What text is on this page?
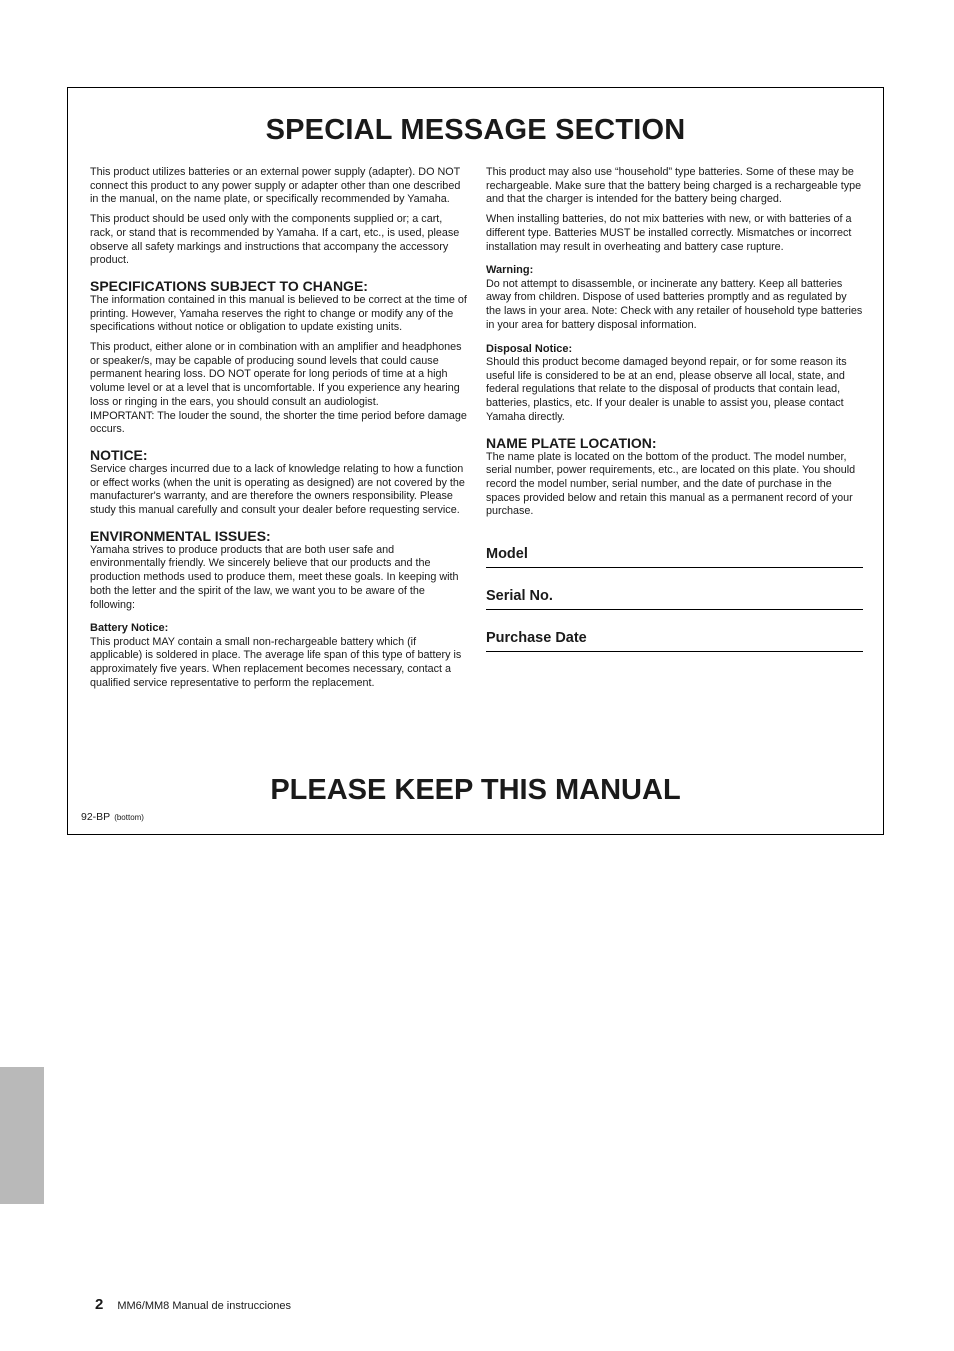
SPECIAL MESSAGE SECTION

This product utilizes batteries or an external power supply (adapter). DO NOT connect this product to any power supply or adapter other than one described in the manual, on the name plate, or specifically recommended by Yamaha.

This product should be used only with the components supplied or; a cart, rack, or stand that is recommended by Yamaha. If a cart, etc., is used, please observe all safety markings and instructions that accompany the accessory product.

SPECIFICATIONS SUBJECT TO CHANGE:

The information contained in this manual is believed to be correct at the time of printing. However, Yamaha reserves the right to change or modify any of the specifications without notice or obligation to update existing units.

This product, either alone or in combination with an amplifier and headphones or speaker/s, may be capable of producing sound levels that could cause permanent hearing loss. DO NOT operate for long periods of time at a high volume level or at a level that is uncomfortable. If you experience any hearing loss or ringing in the ears, you should consult an audiologist.

IMPORTANT: The louder the sound, the shorter the time period before damage occurs.

NOTICE:

Service charges incurred due to a lack of knowledge relating to how a function or effect works (when the unit is operating as designed) are not covered by the manufacturer's warranty, and are therefore the owners responsibility. Please study this manual carefully and consult your dealer before requesting service.

ENVIRONMENTAL ISSUES:

Yamaha strives to produce products that are both user safe and environmentally friendly. We sincerely believe that our products and the production methods used to produce them, meet these goals. In keeping with both the letter and the spirit of the law, we want you to be aware of the following:

Battery Notice:

This product MAY contain a small non-rechargeable battery which (if applicable) is soldered in place. The average life span of this type of battery is approximately five years. When replacement becomes necessary, contact a qualified service representative to perform the replacement.

This product may also use “household” type batteries. Some of these may be rechargeable. Make sure that the battery being charged is a rechargeable type and that the charger is intended for the battery being charged.

When installing batteries, do not mix batteries with new, or with batteries of a different type. Batteries MUST be installed correctly. Mismatches or incorrect installation may result in overheating and battery case rupture.

Warning:

Do not attempt to disassemble, or incinerate any battery. Keep all batteries away from children. Dispose of used batteries promptly and as regulated by the laws in your area. Note: Check with any retailer of household type batteries in your area for battery disposal information.

Disposal Notice:

Should this product become damaged beyond repair, or for some reason its useful life is considered to be at an end, please observe all local, state, and federal regulations that relate to the disposal of products that contain lead, batteries, plastics, etc. If your dealer is unable to assist you, please contact Yamaha directly.

NAME PLATE LOCATION:

The name plate is located on the bottom of the product. The model number, serial number, power requirements, etc., are located on this plate. You should record the model number, serial number, and the date of purchase in the spaces provided below and retain this manual as a permanent record of your purchase.

Model
Serial No.
Purchase Date
PLEASE KEEP THIS MANUAL
92-BP (bottom)
2 MM6/MM8 Manual de instrucciones
